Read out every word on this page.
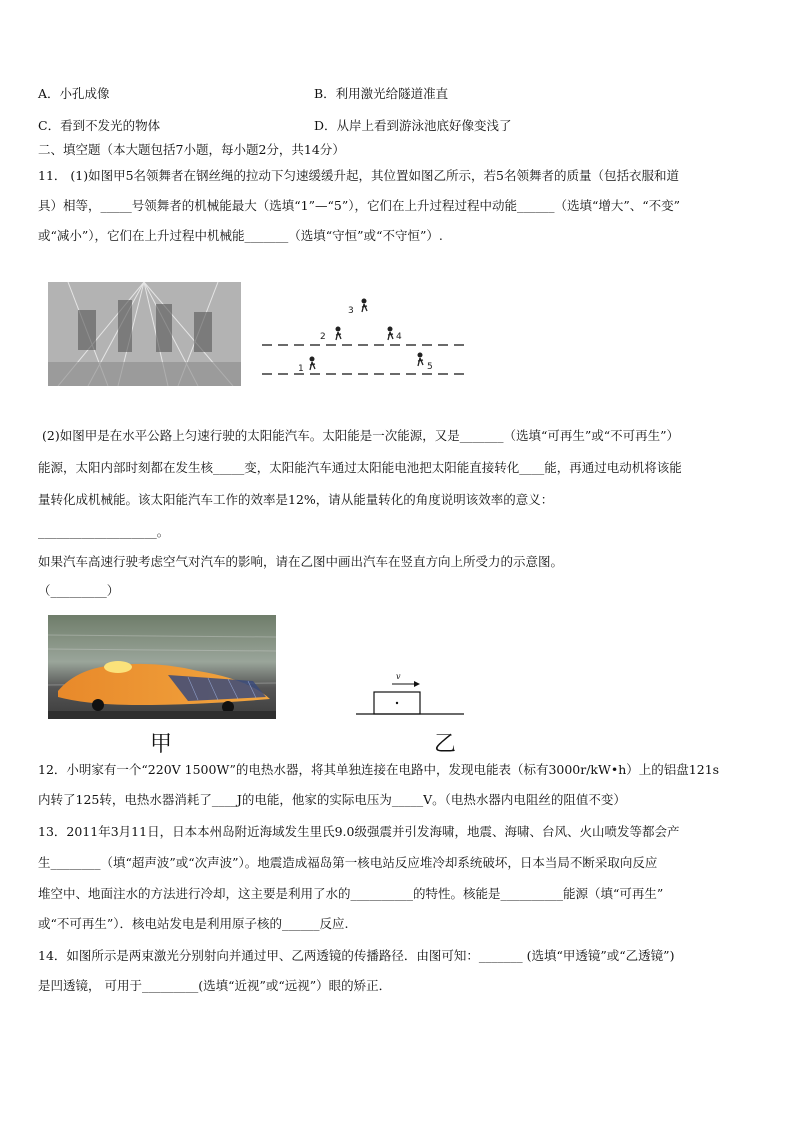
A．小孔成像	B．利用激光给隧道准直
C．看到不发光的物体	D．从岸上看到游泳池底好像变浅了
二、填空题（本大题包括7小题，每小题2分，共14分）
11． (1)如图甲5名领舞者在钢丝绳的拉动下匀速缓缓升起，其位置如图乙所示，若5名领舞者的质量（包括衣服和道
具）相等，_____号领舞者的机械能最大（选填“1”—“5”），它们在上升过程过程中动能______（选填“增大”、“不变”
或“减小”），它们在上升过程中机械能_______（选填“守恒”或“不守恒”）.
3
2	4
1	5
(2)如图甲是在水平公路上匀速行驶的太阳能汽车。太阳能是一次能源，又是_______（选填“可再生”或“不可再生”）
能源，太阳内部时刻都在发生核_____变，太阳能汽车通过太阳能电池把太阳能直接转化____能，再通过电动机将该能
量转化成机械能。该太阳能汽车工作的效率是12%，请从能量转化的角度说明该效率的意义：
___________________。
如果汽车高速行驶考虑空气对汽车的影响，请在乙图中画出汽车在竖直方向上所受力的示意图。
（_________）
v
甲	乙
12．小明家有一个“220V 1500W”的电热水器，将其单独连接在电路中，发现电能表（标有3000r/kW•h）上的铝盘121s
内转了125转，电热水器消耗了____J的电能，他家的实际电压为_____V。（电热水器内电阻丝的阻值不变）
13．2011年3月11日，日本本州岛附近海域发生里氏9.0级强震并引发海啸，地震、海啸、台风、火山喷发等都会产
生________（填“超声波”或“次声波”）。地震造成福岛第一核电站反应堆冷却系统破坏，日本当局不断采取向反应
堆空中、地面注水的方法进行冷却，这主要是利用了水的__________的特性。核能是__________能源（填“可再生”
或“不可再生”）．核电站发电是利用原子核的______反应.
14．如图所示是两束激光分别射向并通过甲、乙两透镜的传播路径．由图可知：_______ (选填“甲透镜”或“乙透镜”)
是凹透镜， 可用于_________(选填“近视”或“远视”）眼的矫正．
